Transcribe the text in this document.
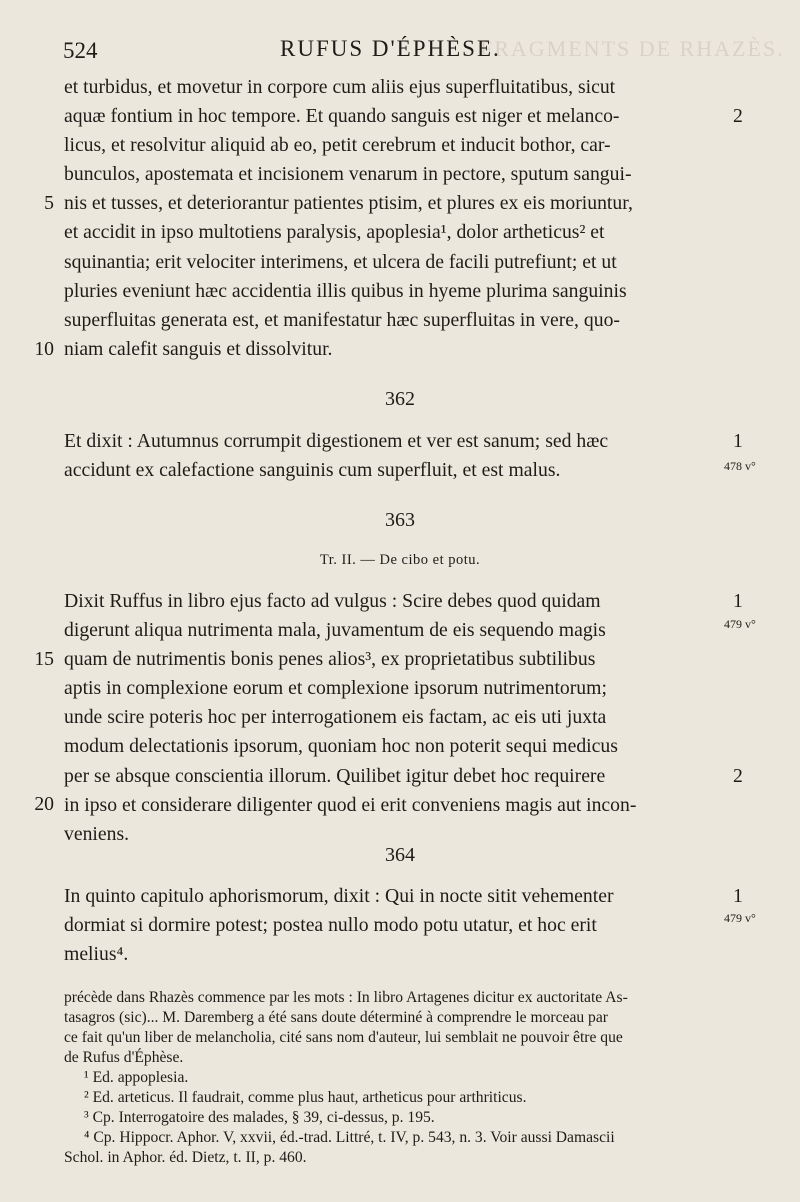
FRAGMENTS DE RHAZÈS.
524	RUFUS D'ÉPHÈSE.
et turbidus, et movetur in corpore cum aliis ejus superfluitatibus, sicut
aquæ fontium in hoc tempore. Et quando sanguis est niger et melanco-
licus, et resolvitur aliquid ab eo, petit cerebrum et inducit bothor, car-
bunculos, apostemata et incisionem venarum in pectore, sputum sangui-
nis et tusses, et deteriorantur patientes ptisim, et plures ex eis moriuntur,
et accidit in ipso multotiens paralysis, apoplesia¹, dolor artheticus² et
squinantia; erit velociter interimens, et ulcera de facili putrefiunt; et ut
pluries eveniunt hæc accidentia illis quibus in hyeme plurima sanguinis
superfluitas generata est, et manifestatur hæc superfluitas in vere, quo-
niam calefit sanguis et dissolvitur.
5
10
2
362
Et dixit : Autumnus corrumpit digestionem et ver est sanum; sed hæc
accidunt ex calefactione sanguinis cum superfluit, et est malus.
1
478 v°
363
Tr. II. — De cibo et potu.
Dixit Ruffus in libro ejus facto ad vulgus : Scire debes quod quidam
digerunt aliqua nutrimenta mala, juvamentum de eis sequendo magis
quam de nutrimentis bonis penes alios³, ex proprietatibus subtilibus
aptis in complexione eorum et complexione ipsorum nutrimentorum;
unde scire poteris hoc per interrogationem eis factam, ac eis uti juxta
modum delectationis ipsorum, quoniam hoc non poterit sequi medicus
per se absque conscientia illorum. Quilibet igitur debet hoc requirere
in ipso et considerare diligenter quod ei erit conveniens magis aut incon-
veniens.
15
20
1
479 v°
2
364
In quinto capitulo aphorismorum, dixit : Qui in nocte sitit vehementer
dormiat si dormire potest; postea nullo modo potu utatur, et hoc erit
melius⁴.
1
479 v°
précède dans Rhazès commence par les mots : In libro Artagenes dicitur ex auctoritate As-
tasagros (sic)... M. Daremberg a été sans doute déterminé à comprendre le morceau par
ce fait qu'un liber de melancholia, cité sans nom d'auteur, lui semblait ne pouvoir être que
de Rufus d'Éphèse.
¹ Ed. appoplesia.
² Ed. arteticus. Il faudrait, comme plus haut, artheticus pour arthriticus.
³ Cp. Interrogatoire des malades, § 39, ci-dessus, p. 195.
⁴ Cp. Hippocr. Aphor. V, xxvii, éd.-trad. Littré, t. IV, p. 543, n. 3. Voir aussi Damascii
Schol. in Aphor. éd. Dietz, t. II, p. 460.
